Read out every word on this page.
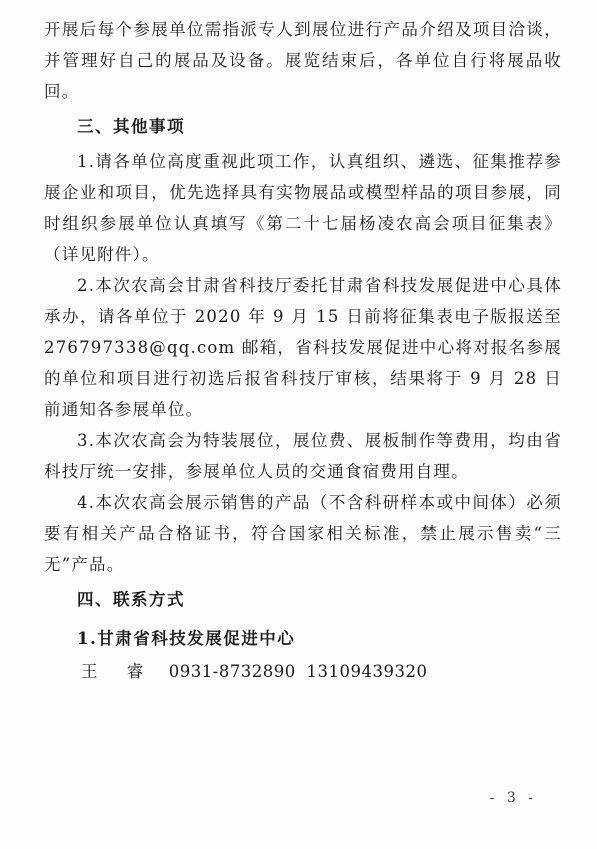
开展后每个参展单位需指派专人到展位进行产品介绍及项目洽谈，并管理好自己的展品及设备。展览结束后，各单位自行将展品收回。

三、其他事项

1.请各单位高度重视此项工作，认真组织、遴选、征集推荐参展企业和项目，优先选择具有实物展品或模型样品的项目参展，同时组织参展单位认真填写《第二十七届杨凌农高会项目征集表》（详见附件）。

2.本次农高会甘肃省科技厅委托甘肃省科技发展促进中心具体承办，请各单位于 2020 年 9 月 15 日前将征集表电子版报送至 276797338@qq.com 邮箱，省科技发展促进中心将对报名参展的单位和项目进行初选后报省科技厅审核，结果将于 9 月 28 日前通知各参展单位。

3.本次农高会为特装展位，展位费、展板制作等费用，均由省科技厅统一安排，参展单位人员的交通食宿费用自理。

4.本次农高会展示销售的产品（不含科研样本或中间体）必须要有相关产品合格证书，符合国家相关标准，禁止展示售卖“三无”产品。

四、联系方式

1.甘肃省科技发展促进中心

王 睿 0931-8732890 13109439320

- 3 -
